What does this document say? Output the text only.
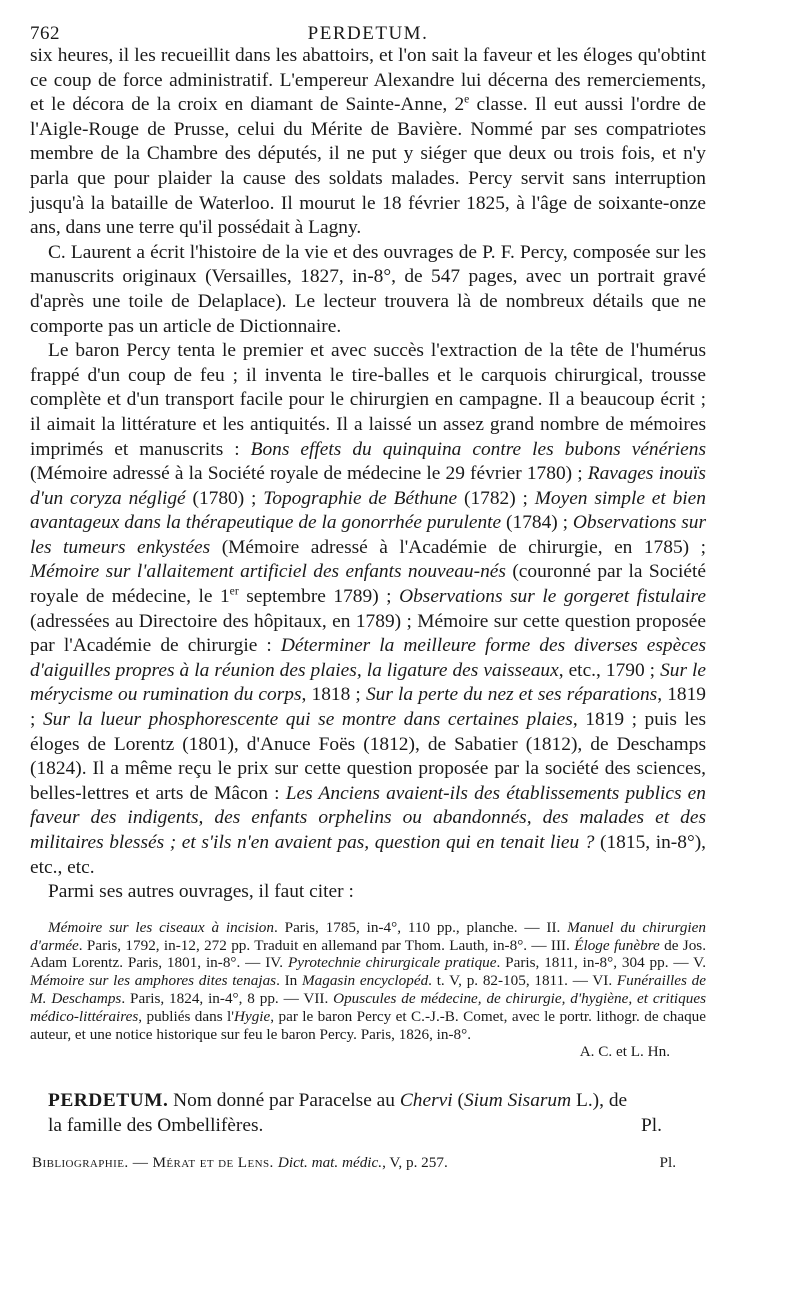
762	PERDETUM.

six heures, il les recueillit dans les abattoirs, et l'on sait la faveur et les éloges qu'obtint ce coup de force administratif. L'empereur Alexandre lui décerna des remerciements, et le décora de la croix en diamant de Sainte-Anne, 2e classe. Il eut aussi l'ordre de l'Aigle-Rouge de Prusse, celui du Mérite de Bavière. Nommé par ses compatriotes membre de la Chambre des députés, il ne put y siéger que deux ou trois fois, et n'y parla que pour plaider la cause des soldats malades. Percy servit sans interruption jusqu'à la bataille de Waterloo. Il mourut le 18 février 1825, à l'âge de soixante-onze ans, dans une terre qu'il possédait à Lagny.

C. Laurent a écrit l'histoire de la vie et des ouvrages de P. F. Percy, composée sur les manuscrits originaux (Versailles, 1827, in-8°, de 547 pages, avec un portrait gravé d'après une toile de Delaplace). Le lecteur trouvera là de nombreux détails que ne comporte pas un article de Dictionnaire.

Le baron Percy tenta le premier et avec succès l'extraction de la tête de l'humérus frappé d'un coup de feu ; il inventa le tire-balles et le carquois chirurgical, trousse complète et d'un transport facile pour le chirurgien en campagne. Il a beaucoup écrit ; il aimait la littérature et les antiquités. Il a laissé un assez grand nombre de mémoires imprimés et manuscrits : Bons effets du quinquina contre les bubons vénériens (Mémoire adressé à la Société royale de médecine le 29 février 1780) ; Ravages inouïs d'un coryza négligé (1780) ; Topographie de Béthune (1782) ; Moyen simple et bien avantageux dans la thérapeutique de la gonorrhée purulente (1784) ; Observations sur les tumeurs enkystées (Mémoire adressé à l'Académie de chirurgie, en 1785) ; Mémoire sur l'allaitement artificiel des enfants nouveau-nés (couronné par la Société royale de médecine, le 1er septembre 1789) ; Observations sur le gorgeret fistulaire (adressées au Directoire des hôpitaux, en 1789) ; Mémoire sur cette question proposée par l'Académie de chirurgie : Déterminer la meilleure forme des diverses espèces d'aiguilles propres à la réunion des plaies, la ligature des vaisseaux, etc., 1790 ; Sur le mérycisme ou rumination du corps, 1818 ; Sur la perte du nez et ses réparations, 1819 ; Sur la lueur phosphorescente qui se montre dans certaines plaies, 1819 ; puis les éloges de Lorentz (1801), d'Anuce Foës (1812), de Sabatier (1812), de Deschamps (1824). Il a même reçu le prix sur cette question proposée par la société des sciences, belles-lettres et arts de Mâcon : Les Anciens avaient-ils des établissements publics en faveur des indigents, des enfants orphelins ou abandonnés, des malades et des militaires blessés ; et s'ils n'en avaient pas, question qui en tenait lieu ? (1815, in-8°), etc., etc.

Parmi ses autres ouvrages, il faut citer :

Mémoire sur les ciseaux à incision. Paris, 1785, in-4°, 110 pp., planche. — II. Manuel du chirurgien d'armée. Paris, 1792, in-12, 272 pp. Traduit en allemand par Thom. Lauth, in-8°. — III. Éloge funèbre de Jos. Adam Lorentz. Paris, 1801, in-8°. — IV. Pyrotechnie chirurgicale pratique. Paris, 1811, in-8°, 304 pp. — V. Mémoire sur les amphores dites tenajas. In Magasin encyclopéd. t. V, p. 82-105, 1811. — VI. Funérailles de M. Deschamps. Paris, 1824, in-4°, 8 pp. — VII. Opuscules de médecine, de chirurgie, d'hygiène, et critiques médico-littéraires, publiés dans l'Hygie, par le baron Percy et C.-J.-B. Comet, avec le portr. lithogr. de chaque auteur, et une notice historique sur feu le baron Percy. Paris, 1826, in-8°.
A. C. et L. Hn.
PERDETUM. Nom donné par Paracelse au Chervi (Sium Sisarum L.), de
la famille des Ombellifères.	Pl.
Bibliographie. — Mérat et de Lens. Dict. mat. médic., V, p. 257.	Pl.
